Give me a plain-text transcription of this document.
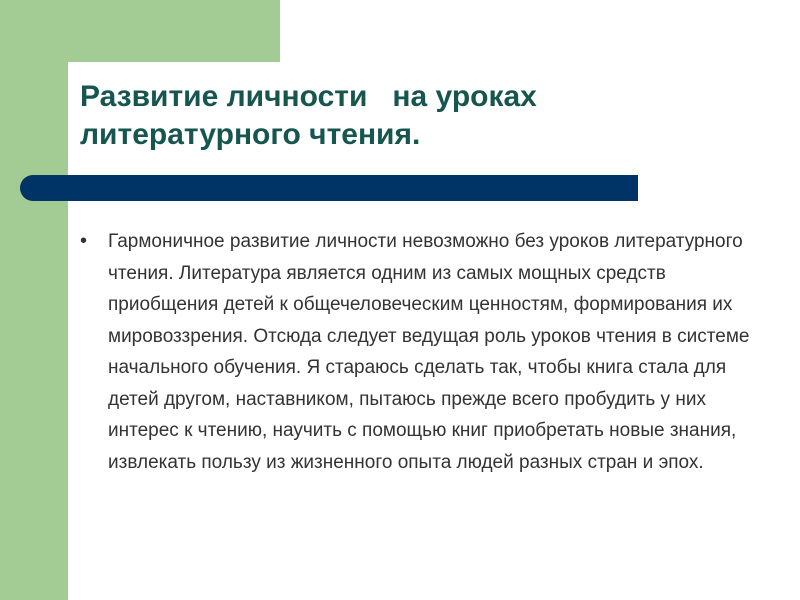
Развитие личности   на уроках
литературного чтения.
•	Гармоничное развитие личности невозможно без уроков литературного чтения. Литература является одним из самых мощных средств приобщения детей к общечеловеческим ценностям, формирования их мировоззрения. Отсюда следует ведущая роль уроков чтения в системе начального обучения. Я стараюсь сделать так, чтобы книга стала для детей другом, наставником, пытаюсь прежде всего пробудить у них интерес к чтению, научить с помощью книг приобретать новые знания, извлекать пользу из жизненного опыта людей разных стран и эпох.
